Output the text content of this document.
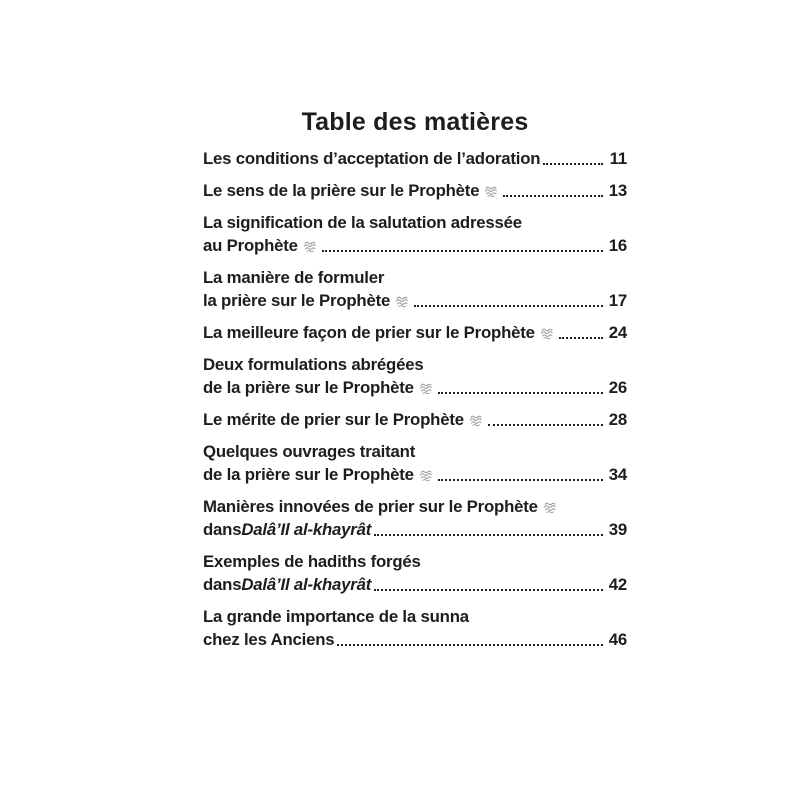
Table des matières
Les conditions d’acceptation de l’adoration	11
Le sens de la prière sur le Prophète	13
La signification de la salutation adressée
au Prophète	16
La manière de formuler
la prière sur le Prophète	17
La meilleure façon de prier sur le Prophète	24
Deux formulations abrégées
de la prière sur le Prophète	26
Le mérite de prier sur le Prophète	28
Quelques ouvrages traitant
de la prière sur le Prophète	34
Manières innovées de prier sur le Prophète
dans Dalâ’Il al-khayrât	39
Exemples de hadiths forgés
dans Dalâ’Il al-khayrât	42
La grande importance de la sunna
chez les Anciens	46
